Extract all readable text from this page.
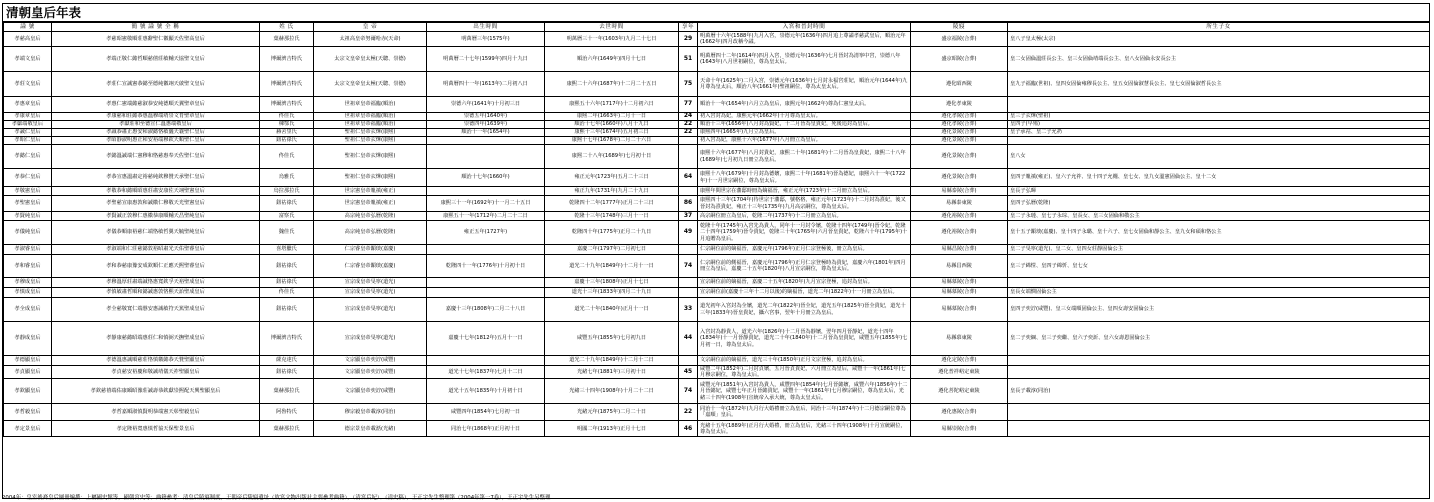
清朝皇后年表
謚 號	簡 號 謚 號 全 稱	姓 氏	皇 帝	出生時間	去世時間	享年	入宮和晉封時間	陵寢	所生子女
孝慈高皇后	孝慈昭憲敬順莊惠辭聖仁徽顯天佐聖高皇后	葉赫那拉氏	太祖高皇帝努爾哈赤(天命)	明萬曆三年(1575年)	明萬曆三十一年(1603年)九月二十七日	29	明萬曆十六年(1588年)九月入宮，崇德元年(1636年)四月追上尊謚孝慈武皇后，順治元年(1662年)四月改稱今謚。	盛京福陵(合葬)	皇八子皇太極(太宗)
孝端文皇后	孝端正敬仁懿哲順慈僖莊敏輔天協聖文皇后	博爾濟吉特氏	太宗文皇帝皇太極(天聰、崇德)	明萬曆二十七年(1599年)四月十九日	順治六年(1649年)四月十七日	51	明萬曆四十二年(1614年)四月入宮，崇德元年(1636年)七月晉封為清寧中宮，崇德八年(1643年)八月世祖嗣位，尊為皇太后。	盛京昭陵(合葬)	皇二女固倫溫莊長公主、皇三女固倫靖端長公主、皇八女固倫永安長公主
孝莊文皇后	孝莊仁宣誠憲恭懿至德純徽翊天啟聖文皇后	博爾濟吉特氏	太宗文皇帝皇太極(天聰、崇德)	明萬曆四十一年(1613年)二月初八日	康熙二十六年(1687年)十二月二十五日	75	天命十年(1625年)二月入宮，崇德元年(1636年)七月封永福宮莊妃，順治元年(1644年)九月尊為皇太后，順治八年(1661年)聖祖嗣位，尊為太皇太后。	遵化昭西陵	皇九子福臨(世祖)、皇四女固倫雍穆長公主、皇五女固倫淑慧長公主、皇七女固倫淑哲長公主
孝惠章皇后	孝惠仁憲端懿慈淑恭安純德順天翼聖章皇后	博爾濟吉特氏	世祖章皇帝福臨(順治)	崇德六年(1641年)十月初三日	康熙五十六年(1717年)十二月初六日	77	順治十一年(1654年)六月立為皇后，康熙元年(1662年)尊為仁憲皇太后。	遵化孝東陵	
孝康章皇后	孝康慈和莊懿恭惠溫穆端靖崇文育聖章皇后	佟佳氏	世祖章皇帝福臨(順治)	崇德五年(1640年)	康熙二年(1663年)二月十一日	24	初入宮封為妃，康熙元年(1662年)十月尊為皇太后。	遵化孝陵(合葬)	皇三子玄燁(聖祖)
孝獻端敬皇后	孝獻莊和至德宣仁溫惠端敬皇后	棟鄂氏	世祖章皇帝福臨(順治)	崇德四年(1639年)	順治十七年(1660年)八月十九日	22	順治十三年(1656年)八月封為賢妃，十二月晉為皇貴妃，死後追封為皇后。	遵化孝陵(合葬)	皇四子(早殤)
孝誠仁皇后	孝誠恭肅正惠安和淑懿恪敏儷天襄聖仁皇后	赫舍里氏	聖祖仁皇帝玄燁(康熙)	順治十一年(1654年)	康熙十三年(1674年)五月初三日	22	康熙四年(1665年)九月立為皇后。	遵化景陵(合葬)	皇子承祜、皇二子允礽
孝昭仁皇后	孝昭靜淑明惠正和安裕端穆欽天順聖仁皇后	鈕祜祿氏	聖祖仁皇帝玄燁(康熙)		康熙十七年(1678年)二月二十六日		初入宮為妃，康熙十六年(1677年)八月冊立為皇后。	遵化景陵(合葬)	
孝懿仁皇后	孝懿溫誠端仁憲穆和恪慈惠奉天佐聖仁皇后	佟佳氏	聖祖仁皇帝玄燁(康熙)		康熙二十八年(1689年)七月初十日		康熙十六年(1677年)八月封貴妃，康熙二十年(1681年)十二月晉為皇貴妃，康熙二十八年(1689年)七月初九日冊立為皇后。	遵化景陵(合葬)	皇八女
孝恭仁皇后	孝恭宣惠溫肅定裕慈純欽穆贊天承聖仁皇后	烏雅氏	聖祖仁皇帝玄燁(康熙)	順治十七年(1660年)	雍正元年(1723年)五月二十三日	64	康熙十八年(1679年)十月封為德嬪，康熙二十年(1681年)晉為德妃，康熙六十一年(1722年)十一月世宗嗣位，尊為皇太后。	遵化景陵(合葬)	皇四子胤禛(雍正)、皇六子允祚、皇十四子允禵、皇七女、皇九女溫憲固倫公主、皇十二女
孝敬憲皇后	孝敬恭和懿順昭惠莊肅安康佐天翊聖憲皇后	烏拉那拉氏	世宗憲皇帝胤禛(雍正)		雍正九年(1731年)九月二十九日		康熙年間世宗在藩邸時冊為嫡福晉，雍正元年(1723年)十二月冊立為皇后。	易縣泰陵(合葬)	皇長子弘暉
孝聖憲皇后	孝聖慈宣康惠敦和誠徽仁穆敬天光聖憲皇后	鈕祜祿氏	世宗憲皇帝胤禛(雍正)	康熙三十一年(1692年)十一月二十五日	乾隆四十二年(1777年)正月二十三日	86	康熙四十三年(1704年)待世宗于藩邸，號格格，雍正元年(1723年)十二月封為熹妃，後又晉封為熹貴妃，雍正十三年(1735年)九月高宗嗣位，尊為皇太后。	易縣泰東陵	皇四子弘曆(乾隆)
孝賢純皇后	孝賢誠正敦穆仁惠徽恭康順輔天昌聖純皇后	富察氏	高宗純皇帝弘曆(乾隆)	康熙五十一年(1712年)二月二十二日	乾隆十三年(1748年)三月十一日	37	高宗嗣位冊立為皇后，乾隆二年(1737年)十二月冊立為皇后。	遵化裕陵(合葬)	皇二子永璉、皇七子永琮、皇長女、皇三女固倫和敬公主
孝儀純皇后	孝儀恭順康裕慈仁端恪敏哲翼天毓聖純皇后	魏佳氏	高宗純皇帝弘曆(乾隆)	雍正五年(1727年)	乾隆四十年(1775年)正月二十九日	49	乾隆十年(1745年)入宮先為貴人，同年十一月封令嬪，乾隆十四年(1749年)晉令妃，乾隆二十四年(1759年)晉令貴妃，乾隆三十年(1765年)六月晉皇貴妃，乾隆六十年(1795年)十月追贈為皇后。	遵化裕陵(合葬)	皇十五子顒琰(嘉慶)、皇十四子永璐、皇十六子、皇七女固倫和靜公主、皇九女和碩和恪公主
孝淑睿皇后	孝淑端和仁莊慈懿敦裕昭肅光天佑聖睿皇后	喜塔臘氏	仁宗睿皇帝顒琰(嘉慶)		嘉慶二年(1797年)二月初七日		仁宗嗣位前的嫡福晉，嘉慶元年(1796年)正月仁宗登極後，冊立為皇后。	易縣昌陵(合葬)	皇二子旻寧(道光)、皇二女、皇四女莊靜固倫公主
孝和睿皇后	孝和恭慈康豫安成欽順仁正應天熙聖睿皇后	鈕祜祿氏	仁宗睿皇帝顒琰(嘉慶)	乾隆四十一年(1776年)十月初十日	道光二十九年(1849年)十二月十一日	74	仁宗嗣位前的側福晉，嘉慶元年(1796年)正月仁宗登極時為貴妃，嘉慶六年(1801年)四月冊立為皇后，嘉慶二十五年(1820年)八月宣宗嗣位，尊為皇太后。	易縣昌西陵	皇三子綿愷、皇四子綿忻、皇七女
孝穆成皇后	孝穆溫厚莊肅端誠恪惠寬欽孚天裕聖成皇后	鈕祜祿氏	宣宗成皇帝旻寧(道光)		嘉慶十三年(1808年)正月十七日		宣宗嗣位前的嫡福晉，嘉慶二十五年(1820年)九月宣宗登極，追封為皇后。	易縣慕陵(合葬)	
孝慎成皇后	孝慎敏肅哲順和懿誠惠敦恪熙天詒聖成皇后	佟佳氏	宣宗成皇帝旻寧(道光)		道光十三年(1833年)四月二十九日		宣宗嗣位前(嘉慶十三年十二月以後)的嫡福晉，道光二年(1822年)十一月冊立為皇后。	易縣慕陵(合葬)	皇長女端憫固倫公主
孝全成皇后	孝全慈敬寬仁端慤安惠誠敏符天篤聖成皇后	鈕祜祿氏	宣宗成皇帝旻寧(道光)	嘉慶十三年(1808年)二月二十八日	道光二十年(1840年)正月十一日	33	道光初年入宮封為全嬪，道光二年(1822年)晉全妃，道光五年(1825年)晉全貴妃，道光十三年(1833年)晉皇貴妃，攝六宮事，翌年十月冊立為皇后。	易縣慕陵(合葬)	皇四子奕詝(咸豐)、皇三女端順固倫公主、皇四女壽安固倫公主
孝靜成皇后	孝靜康慈懿昭端惠莊仁和慎弼天撫聖成皇后	博爾濟吉特氏	宣宗成皇帝旻寧(道光)	嘉慶十七年(1812年)五月十一日	咸豐五年(1855年)七月初九日	44	入宮封為靜貴人，道光六年(1826年)十二月晉為靜嬪，翌年四月晉靜妃，道光十四年(1834年)十一月晉靜貴妃，道光二十年(1840年)十二月晉為皇貴妃，咸豐五年(1855年)七月初一日，尊為皇太后。	易縣慕東陵	皇二子奕綱、皇三子奕繼、皇六子奕訢、皇六女壽恩固倫公主
孝德顯皇后	孝德溫惠誠順慈莊恪慎徽懿恭天贊聖顯皇后	薩克達氏	文宗顯皇帝奕詝(咸豐)		道光二十九年(1849年)十二月十二日		文宗嗣位前的嫡福晉，道光三十年(1850年)正月文宗登極，追封為皇后。	遵化定陵(合葬)	
孝貞顯皇后	孝貞慈安裕慶和敬誠靖儀天祚聖顯皇后	鈕祜祿氏	文宗顯皇帝奕詝(咸豐)	道光十七年(1837年)七月十二日	光緒七年(1881年)三月初十日	45	咸豐二年(1852年)二月封貞嬪，五月晉貞貴妃，六月冊立為皇后，咸豐十一年(1861年)七月穆宗嗣位，尊為皇太后。	遵化普祥峪定東陵	
孝欽顯皇后	孝欽慈禧端佑康頤昭豫莊誠壽恭欽獻崇熙配天興聖顯皇后	葉赫那拉氏	文宗顯皇帝奕詝(咸豐)	道光十五年(1835年)十月初十日	光緒三十四年(1908年)十月二十二日	74	咸豐元年(1851年)入宮封為貴人，咸豐四年(1854年)七月晉懿嬪，咸豐六年(1856年)十二月晉懿妃，咸豐七年正月晉懿貴妃，咸豐十一年(1861年)七月穆宗嗣位，尊為皇太后，光緒三十四年(1908年)宣統帝入承大統，尊為太皇太后。	遵化菩陀峪定東陵	皇長子載淳(同治)
孝哲毅皇后	孝哲嘉順淑慎賢明恭端憲天彰聖毅皇后	阿魯特氏	穆宗毅皇帝載淳(同治)	咸豐四年(1854年)七月初一日	光緒元年(1875年)二月二十日	22	同治十一年(1872年)九月行大婚禮冊立為皇后，同治十三年(1874年)十二月德宗嗣位尊為「嘉順」皇后。	遵化惠陵(合葬)	
孝定景皇后	孝定隆裕寬惠慎哲協天保聖景皇后	葉赫那拉氏	德宗景皇帝載湉(光緒)	同治七年(1868年)正月初十日	明國二年(1913年)正月十七日	46	光緒十五年(1889年)正月行大婚禮，冊立為皇后，光緒三十四年(1908年)十月宣統嗣位，尊為皇太后。	易縣崇陵(合葬)	
2004年：皇室後裔皇后圖冊編撰：上屬國史館等，國朝宮史等；典籍參考：清皇后陵寢制度，王朝帝后陵寢遺址（故宮文物出版社主要參考典籍），（清宮后妃）、（清史稿），王正宇先生整理第（2004年第一7卷），王正宇先生另整理
